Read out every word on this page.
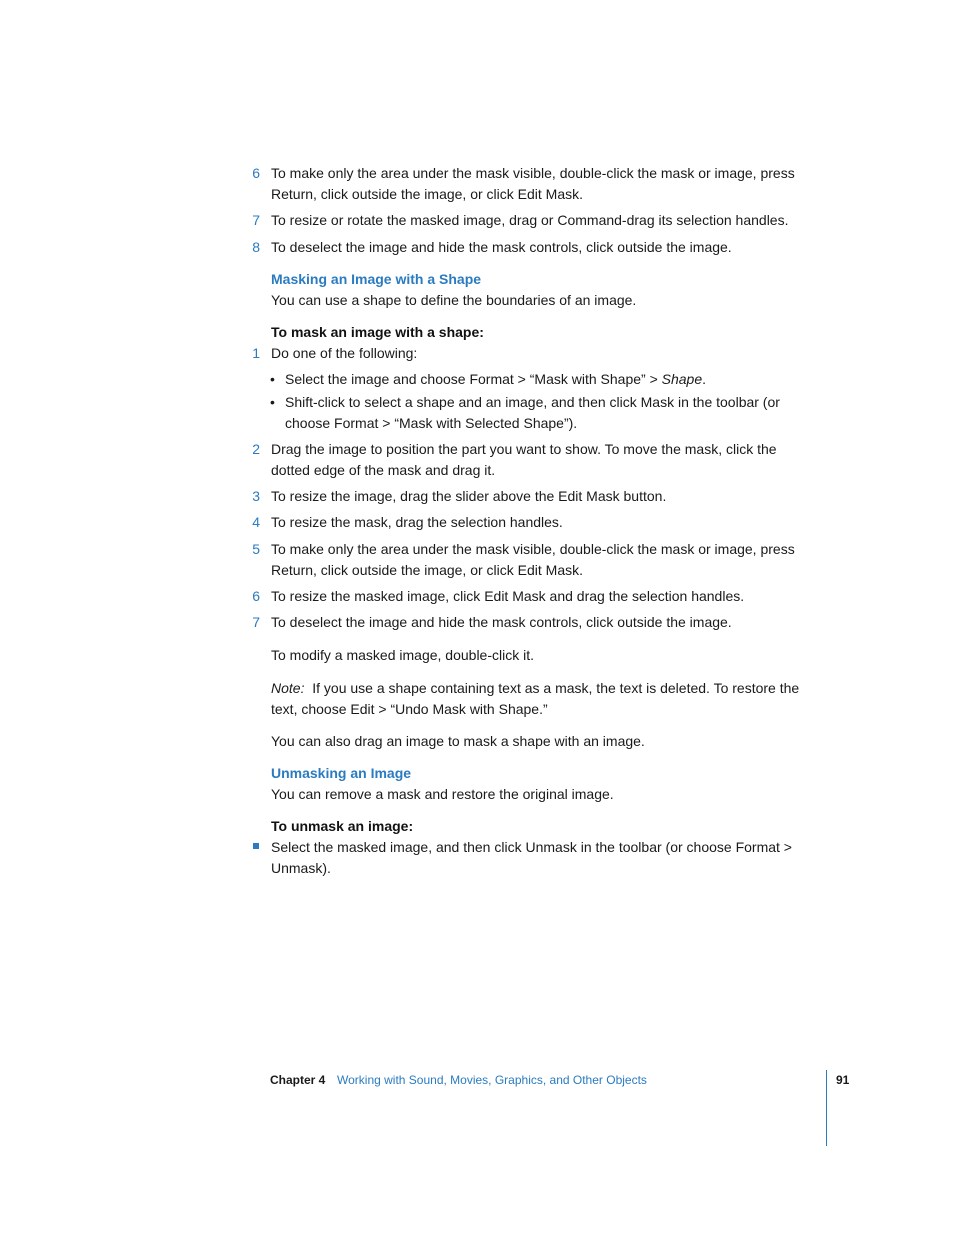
6 To make only the area under the mask visible, double-click the mask or image, press Return, click outside the image, or click Edit Mask.
7 To resize or rotate the masked image, drag or Command-drag its selection handles.
8 To deselect the image and hide the mask controls, click outside the image.
Masking an Image with a Shape
You can use a shape to define the boundaries of an image.
To mask an image with a shape:
1 Do one of the following:
• Select the image and choose Format > “Mask with Shape” > Shape.
• Shift-click to select a shape and an image, and then click Mask in the toolbar (or choose Format > “Mask with Selected Shape”).
2 Drag the image to position the part you want to show. To move the mask, click the dotted edge of the mask and drag it.
3 To resize the image, drag the slider above the Edit Mask button.
4 To resize the mask, drag the selection handles.
5 To make only the area under the mask visible, double-click the mask or image, press Return, click outside the image, or click Edit Mask.
6 To resize the masked image, click Edit Mask and drag the selection handles.
7 To deselect the image and hide the mask controls, click outside the image.
To modify a masked image, double-click it.
Note: If you use a shape containing text as a mask, the text is deleted. To restore the text, choose Edit > “Undo Mask with Shape.”
You can also drag an image to mask a shape with an image.
Unmasking an Image
You can remove a mask and restore the original image.
To unmask an image:
Select the masked image, and then click Unmask in the toolbar (or choose Format > Unmask).
Chapter 4 Working with Sound, Movies, Graphics, and Other Objects	91
